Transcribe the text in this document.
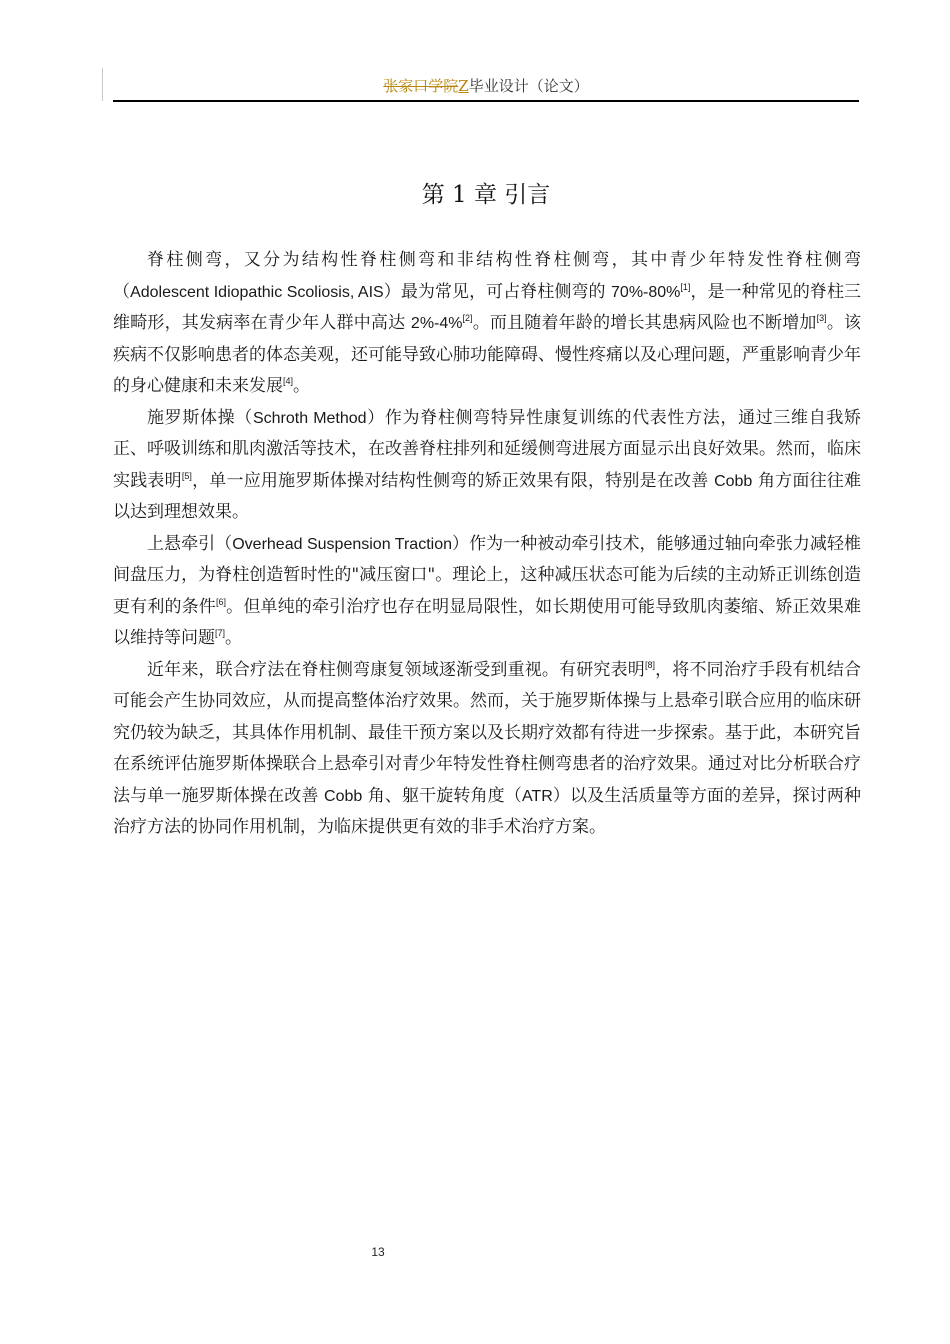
张家口学院Z毕业设计（论文）
第 1 章 引言

脊柱侧弯，又分为结构性脊柱侧弯和非结构性脊柱侧弯，其中青少年特发性脊柱侧弯（Adolescent Idiopathic Scoliosis, AIS）最为常见，可占脊柱侧弯的 70%-80%[1]，是一种常见的脊柱三维畸形，其发病率在青少年人群中高达 2%-4%[2]。而且随着年龄的增长其患病风险也不断增加[3]。该疾病不仅影响患者的体态美观，还可能导致心肺功能障碍、慢性疼痛以及心理问题，严重影响青少年的身心健康和未来发展[4]。

施罗斯体操（Schroth Method）作为脊柱侧弯特异性康复训练的代表性方法，通过三维自我矫正、呼吸训练和肌肉激活等技术，在改善脊柱排列和延缓侧弯进展方面显示出良好效果。然而，临床实践表明[5]，单一应用施罗斯体操对结构性侧弯的矫正效果有限，特别是在改善 Cobb 角方面往往难以达到理想效果。

上悬牵引（Overhead Suspension Traction）作为一种被动牵引技术，能够通过轴向牵张力减轻椎间盘压力，为脊柱创造暂时性的"减压窗口"。理论上，这种减压状态可能为后续的主动矫正训练创造更有利的条件[6]。但单纯的牵引治疗也存在明显局限性，如长期使用可能导致肌肉萎缩、矫正效果难以维持等问题[7]。

近年来，联合疗法在脊柱侧弯康复领域逐渐受到重视。有研究表明[8]，将不同治疗手段有机结合可能会产生协同效应，从而提高整体治疗效果。然而，关于施罗斯体操与上悬牵引联合应用的临床研究仍较为缺乏，其具体作用机制、最佳干预方案以及长期疗效都有待进一步探索。基于此，本研究旨在系统评估施罗斯体操联合上悬牵引对青少年特发性脊柱侧弯患者的治疗效果。通过对比分析联合疗法与单一施罗斯体操在改善 Cobb 角、躯干旋转角度（ATR）以及生活质量等方面的差异，探讨两种治疗方法的协同作用机制，为临床提供更有效的非手术治疗方案。

13
